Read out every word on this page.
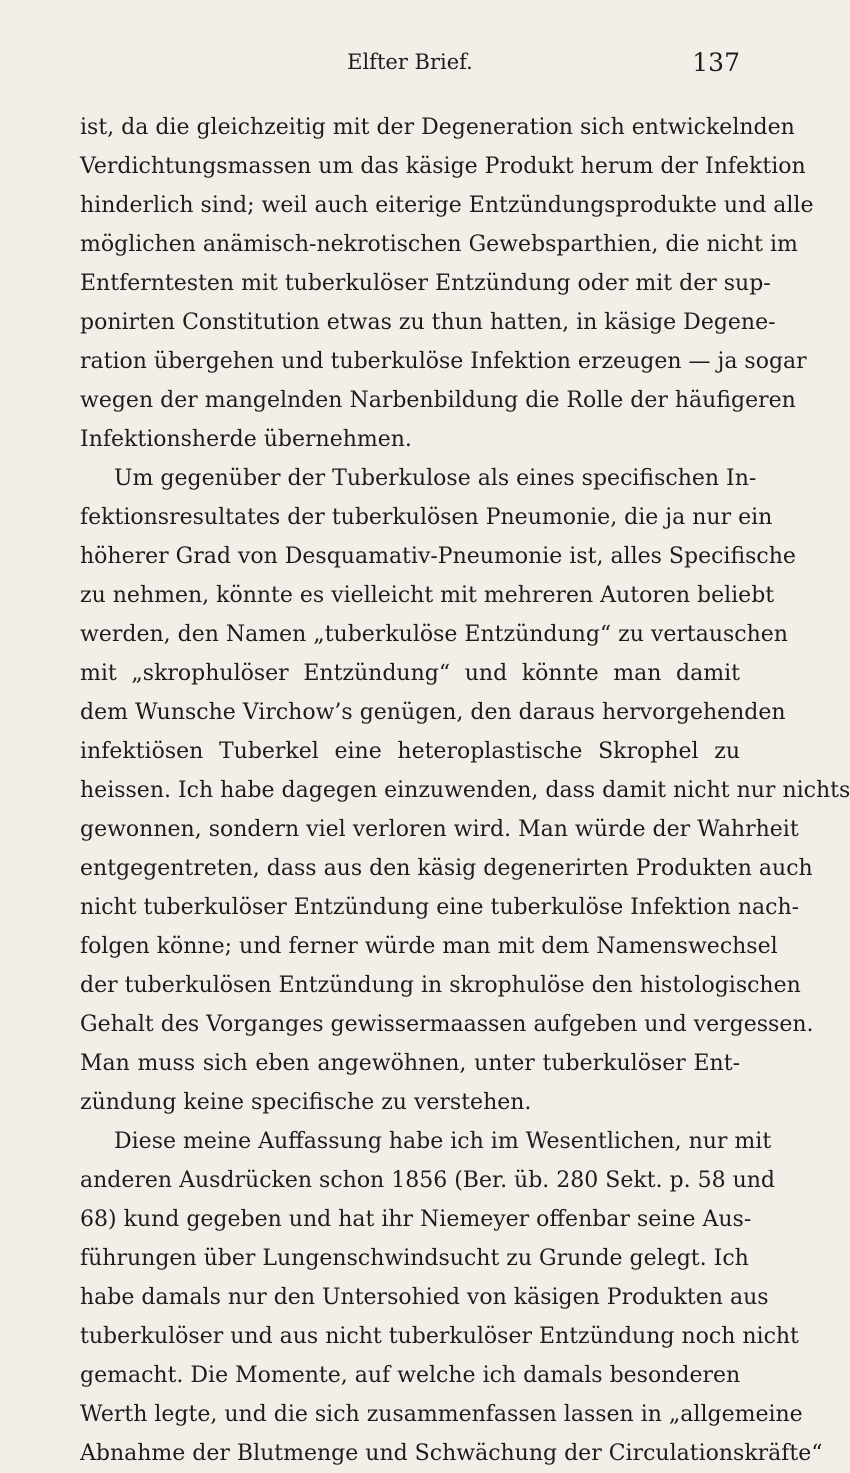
Elfter Brief.	137
ist, da die gleichzeitig mit der Degeneration sich entwickelnden
Verdichtungsmassen um das käsige Produkt herum der Infektion
hinderlich sind; weil auch eiterige Entzündungsprodukte und alle
möglichen anämisch-nekrotischen Gewebsparthien, die nicht im
Entferntesten mit tuberkulöser Entzündung oder mit der sup-
ponirten Constitution etwas zu thun hatten, in käsige Degene-
ration übergehen und tuberkulöse Infektion erzeugen — ja sogar
wegen der mangelnden Narbenbildung die Rolle der häufigeren
Infektionsherde übernehmen.
Um gegenüber der Tuberkulose als eines specifischen In-
fektionsresultates der tuberkulösen Pneumonie, die ja nur ein
höherer Grad von Desquamativ-Pneumonie ist, alles Specifische
zu nehmen, könnte es vielleicht mit mehreren Autoren beliebt
werden, den Namen „tuberkulöse Entzündung“ zu vertauschen
mit „skrophulöser Entzündung“ und könnte man damit
dem Wunsche Virchow’s genügen, den daraus hervorgehenden
infektiösen Tuberkel eine heteroplastische Skrophel zu
heissen. Ich habe dagegen einzuwenden, dass damit nicht nur nichts
gewonnen, sondern viel verloren wird. Man würde der Wahrheit
entgegentreten, dass aus den käsig degenerirten Produkten auch
nicht tuberkulöser Entzündung eine tuberkulöse Infektion nach-
folgen könne; und ferner würde man mit dem Namenswechsel
der tuberkulösen Entzündung in skrophulöse den histologischen
Gehalt des Vorganges gewissermaassen aufgeben und vergessen.
Man muss sich eben angewöhnen, unter tuberkulöser Ent-
zündung keine specifische zu verstehen.
Diese meine Auffassung habe ich im Wesentlichen, nur mit
anderen Ausdrücken schon 1856 (Ber. üb. 280 Sekt. p. 58 und
68) kund gegeben und hat ihr Niemeyer offenbar seine Aus-
führungen über Lungenschwindsucht zu Grunde gelegt. Ich
habe damals nur den Untersohied von käsigen Produkten aus
tuberkulöser und aus nicht tuberkulöser Entzündung noch nicht
gemacht. Die Momente, auf welche ich damals besonderen
Werth legte, und die sich zusammenfassen lassen in „allgemeine
Abnahme der Blutmenge und Schwächung der Circulationskräfte“
